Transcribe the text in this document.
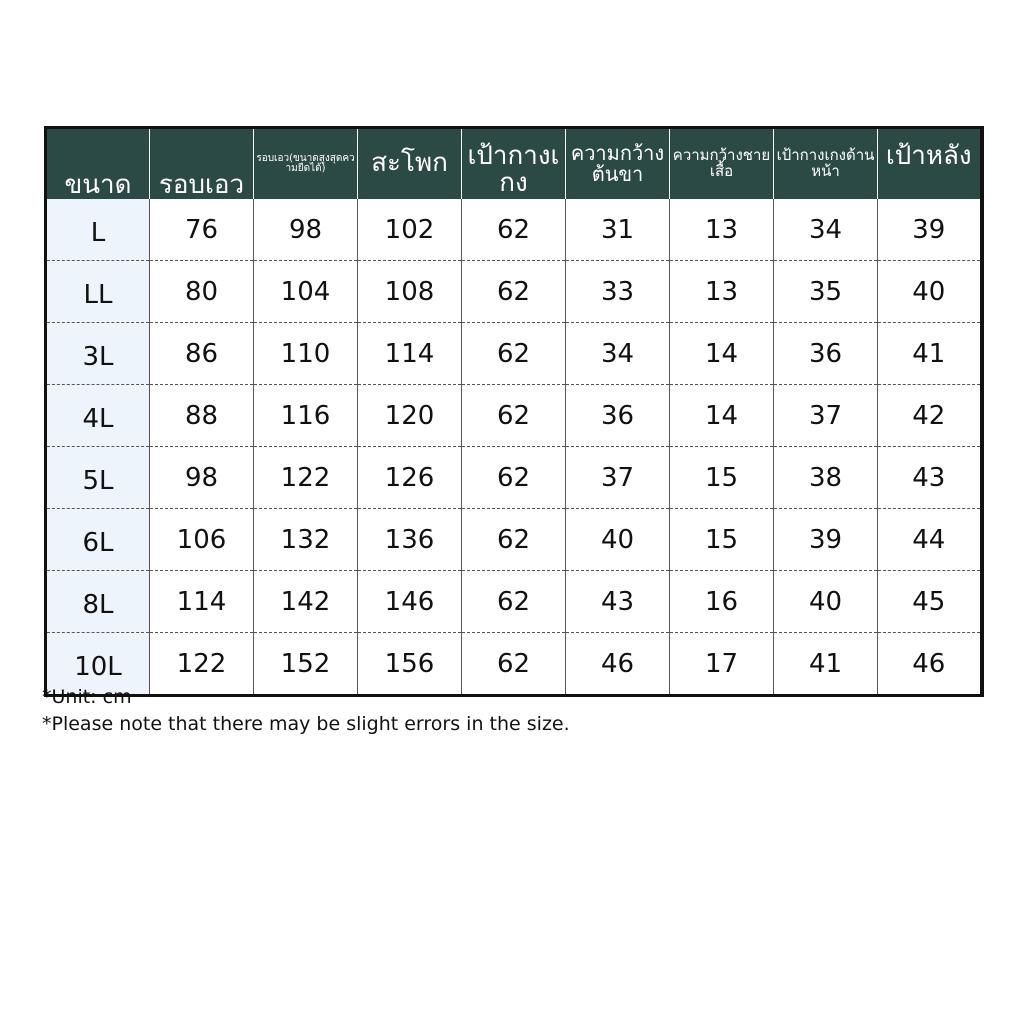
ขนาด	รอบเอว	รอบเอว(ขนาดสูงสุดความยืดได้)	สะโพก	เป้ากางเกง	ความกว้างต้นขา	ความกว้างชายเสื้อ	เป้ากางเกงด้านหน้า	เป้าหลัง
L	76	98	102	62	31	13	34	39
LL	80	104	108	62	33	13	35	40
3L	86	110	114	62	34	14	36	41
4L	88	116	120	62	36	14	37	42
5L	98	122	126	62	37	15	38	43
6L	106	132	136	62	40	15	39	44
8L	114	142	146	62	43	16	40	45
10L	122	152	156	62	46	17	41	46
*Unit: cm
*Please note that there may be slight errors in the size.
